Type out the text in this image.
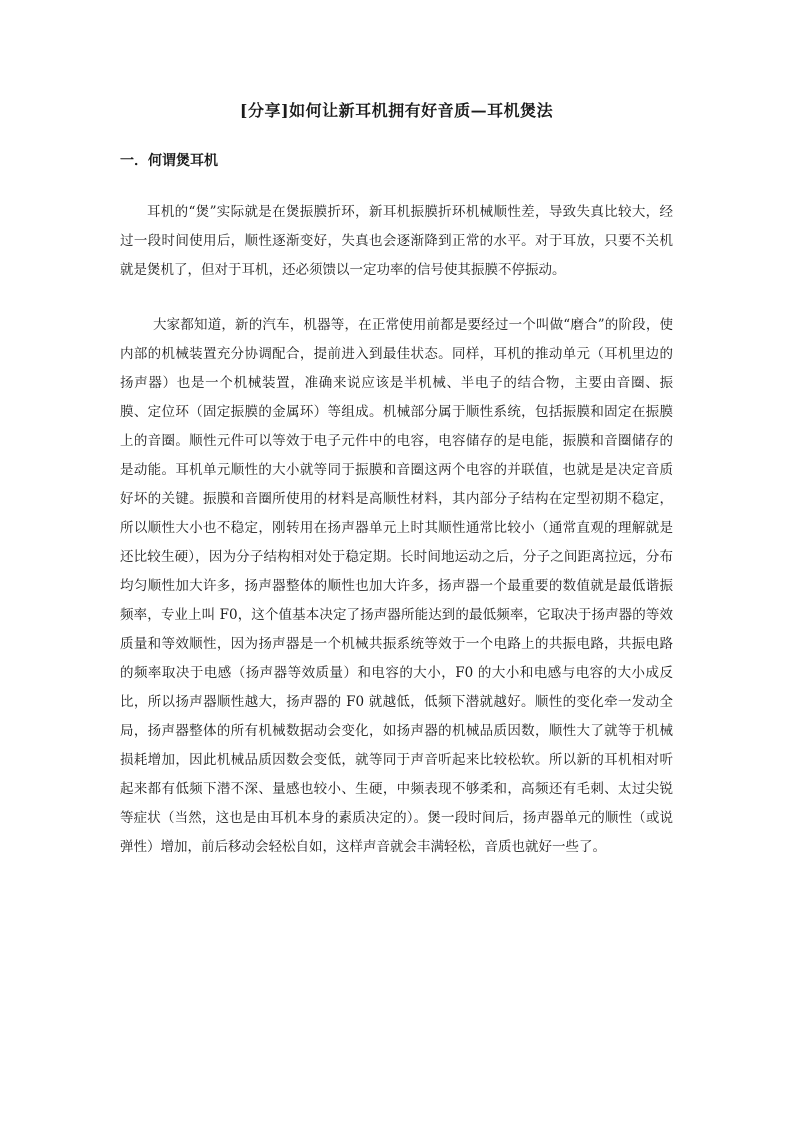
[分享]如何让新耳机拥有好音质—耳机煲法
一．何谓煲耳机

耳机的“煲”实际就是在煲振膜折环，新耳机振膜折环机械顺性差，导致失真比较大，经过一段时间使用后，顺性逐渐变好，失真也会逐渐降到正常的水平。对于耳放，只要不关机就是煲机了，但对于耳机，还必须馈以一定功率的信号使其振膜不停振动。

大家都知道，新的汽车，机器等，在正常使用前都是要经过一个叫做“磨合”的阶段，使内部的机械装置充分协调配合，提前进入到最佳状态。同样，耳机的推动单元（耳机里边的扬声器）也是一个机械装置，准确来说应该是半机械、半电子的结合物，主要由音圈、振膜、定位环（固定振膜的金属环）等组成。机械部分属于顺性系统，包括振膜和固定在振膜上的音圈。顺性元件可以等效于电子元件中的电容，电容储存的是电能，振膜和音圈储存的是动能。耳机单元顺性的大小就等同于振膜和音圈这两个电容的并联值，也就是是决定音质好坏的关键。振膜和音圈所使用的材料是高顺性材料，其内部分子结构在定型初期不稳定，所以顺性大小也不稳定，刚转用在扬声器单元上时其顺性通常比较小（通常直观的理解就是还比较生硬），因为分子结构相对处于稳定期。长时间地运动之后，分子之间距离拉远，分布均匀顺性加大许多，扬声器整体的顺性也加大许多，扬声器一个最重要的数值就是最低谐振频率，专业上叫 F0，这个值基本决定了扬声器所能达到的最低频率，它取决于扬声器的等效质量和等效顺性，因为扬声器是一个机械共振系统等效于一个电路上的共振电路，共振电路的频率取决于电感（扬声器等效质量）和电容的大小，F0 的大小和电感与电容的大小成反比，所以扬声器顺性越大，扬声器的 F0 就越低，低频下潜就越好。顺性的变化牵一发动全局，扬声器整体的所有机械数据动会变化，如扬声器的机械品质因数，顺性大了就等于机械损耗增加，因此机械品质因数会变低，就等同于声音听起来比较松软。所以新的耳机相对听起来都有低频下潜不深、量感也较小、生硬，中频表现不够柔和，高频还有毛刺、太过尖锐等症状（当然，这也是由耳机本身的素质决定的）。煲一段时间后，扬声器单元的顺性（或说弹性）增加，前后移动会轻松自如，这样声音就会丰满轻松，音质也就好一些了。
